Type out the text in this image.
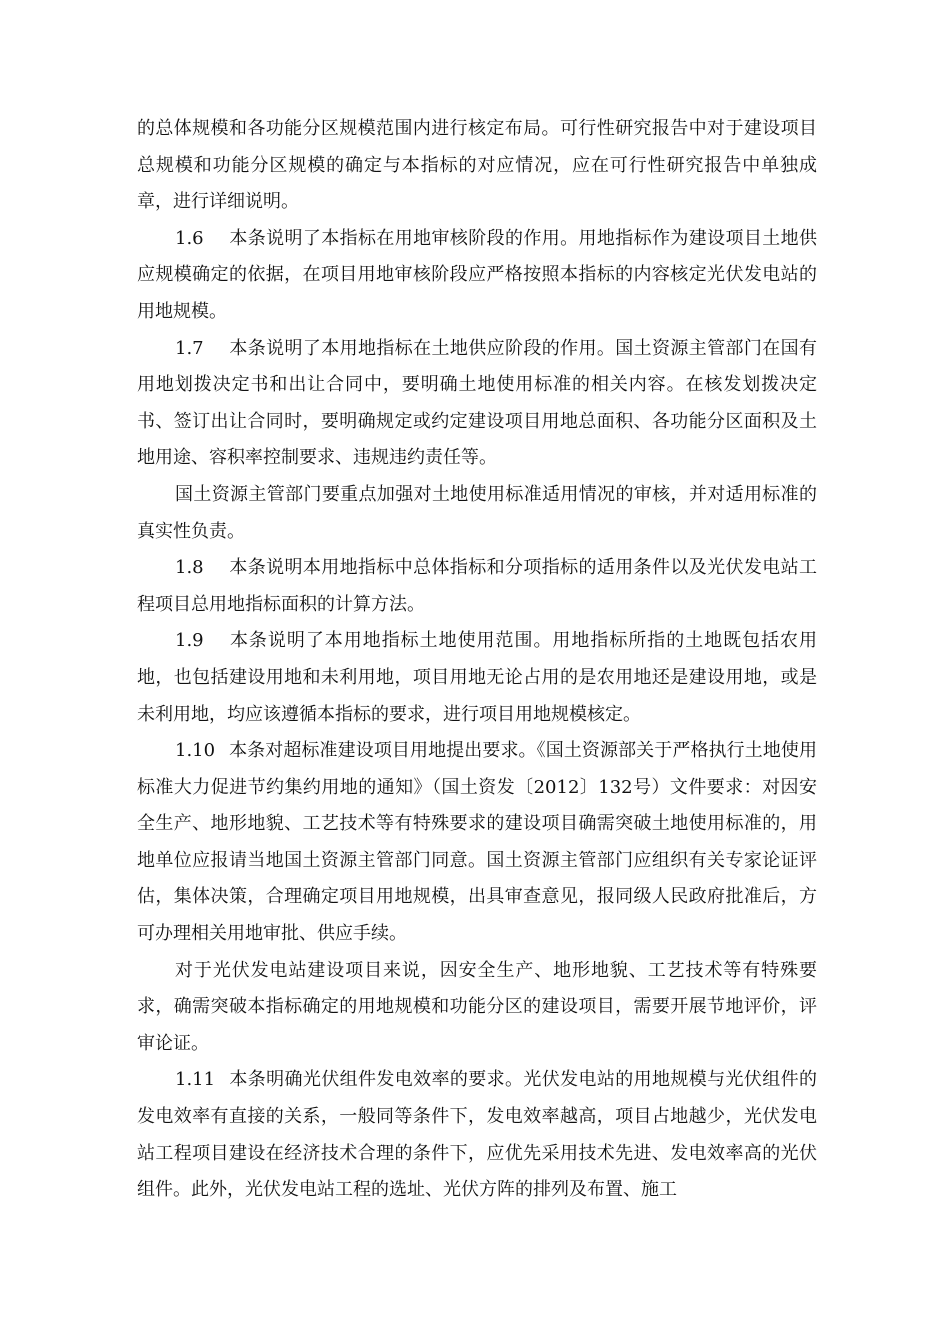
的总体规模和各功能分区规模范围内进行核定布局。可行性研究报告中对于建设项目总规模和功能分区规模的确定与本指标的对应情况，应在可行性研究报告中单独成章，进行详细说明。

1.6 本条说明了本指标在用地审核阶段的作用。用地指标作为建设项目土地供应规模确定的依据，在项目用地审核阶段应严格按照本指标的内容核定光伏发电站的用地规模。

1.7 本条说明了本用地指标在土地供应阶段的作用。国土资源主管部门在国有用地划拨决定书和出让合同中，要明确土地使用标准的相关内容。在核发划拨决定书、签订出让合同时，要明确规定或约定建设项目用地总面积、各功能分区面积及土地用途、容积率控制要求、违规违约责任等。

国土资源主管部门要重点加强对土地使用标准适用情况的审核，并对适用标准的真实性负责。

1.8 本条说明本用地指标中总体指标和分项指标的适用条件以及光伏发电站工程项目总用地指标面积的计算方法。

1.9 本条说明了本用地指标土地使用范围。用地指标所指的土地既包括农用地，也包括建设用地和未利用地，项目用地无论占用的是农用地还是建设用地，或是未利用地，均应该遵循本指标的要求，进行项目用地规模核定。

1.10 本条对超标准建设项目用地提出要求。《国土资源部关于严格执行土地使用标准大力促进节约集约用地的通知》（国土资发〔2012〕132号）文件要求：对因安全生产、地形地貌、工艺技术等有特殊要求的建设项目确需突破土地使用标准的，用地单位应报请当地国土资源主管部门同意。国土资源主管部门应组织有关专家论证评估，集体决策，合理确定项目用地规模，出具审查意见，报同级人民政府批准后，方可办理相关用地审批、供应手续。

对于光伏发电站建设项目来说，因安全生产、地形地貌、工艺技术等有特殊要求，确需突破本指标确定的用地规模和功能分区的建设项目，需要开展节地评价，评审论证。

1.11 本条明确光伏组件发电效率的要求。光伏发电站的用地规模与光伏组件的发电效率有直接的关系，一般同等条件下，发电效率越高，项目占地越少，光伏发电站工程项目建设在经济技术合理的条件下，应优先采用技术先进、发电效率高的光伏组件。此外，光伏发电站工程的选址、光伏方阵的排列及布置、施工
